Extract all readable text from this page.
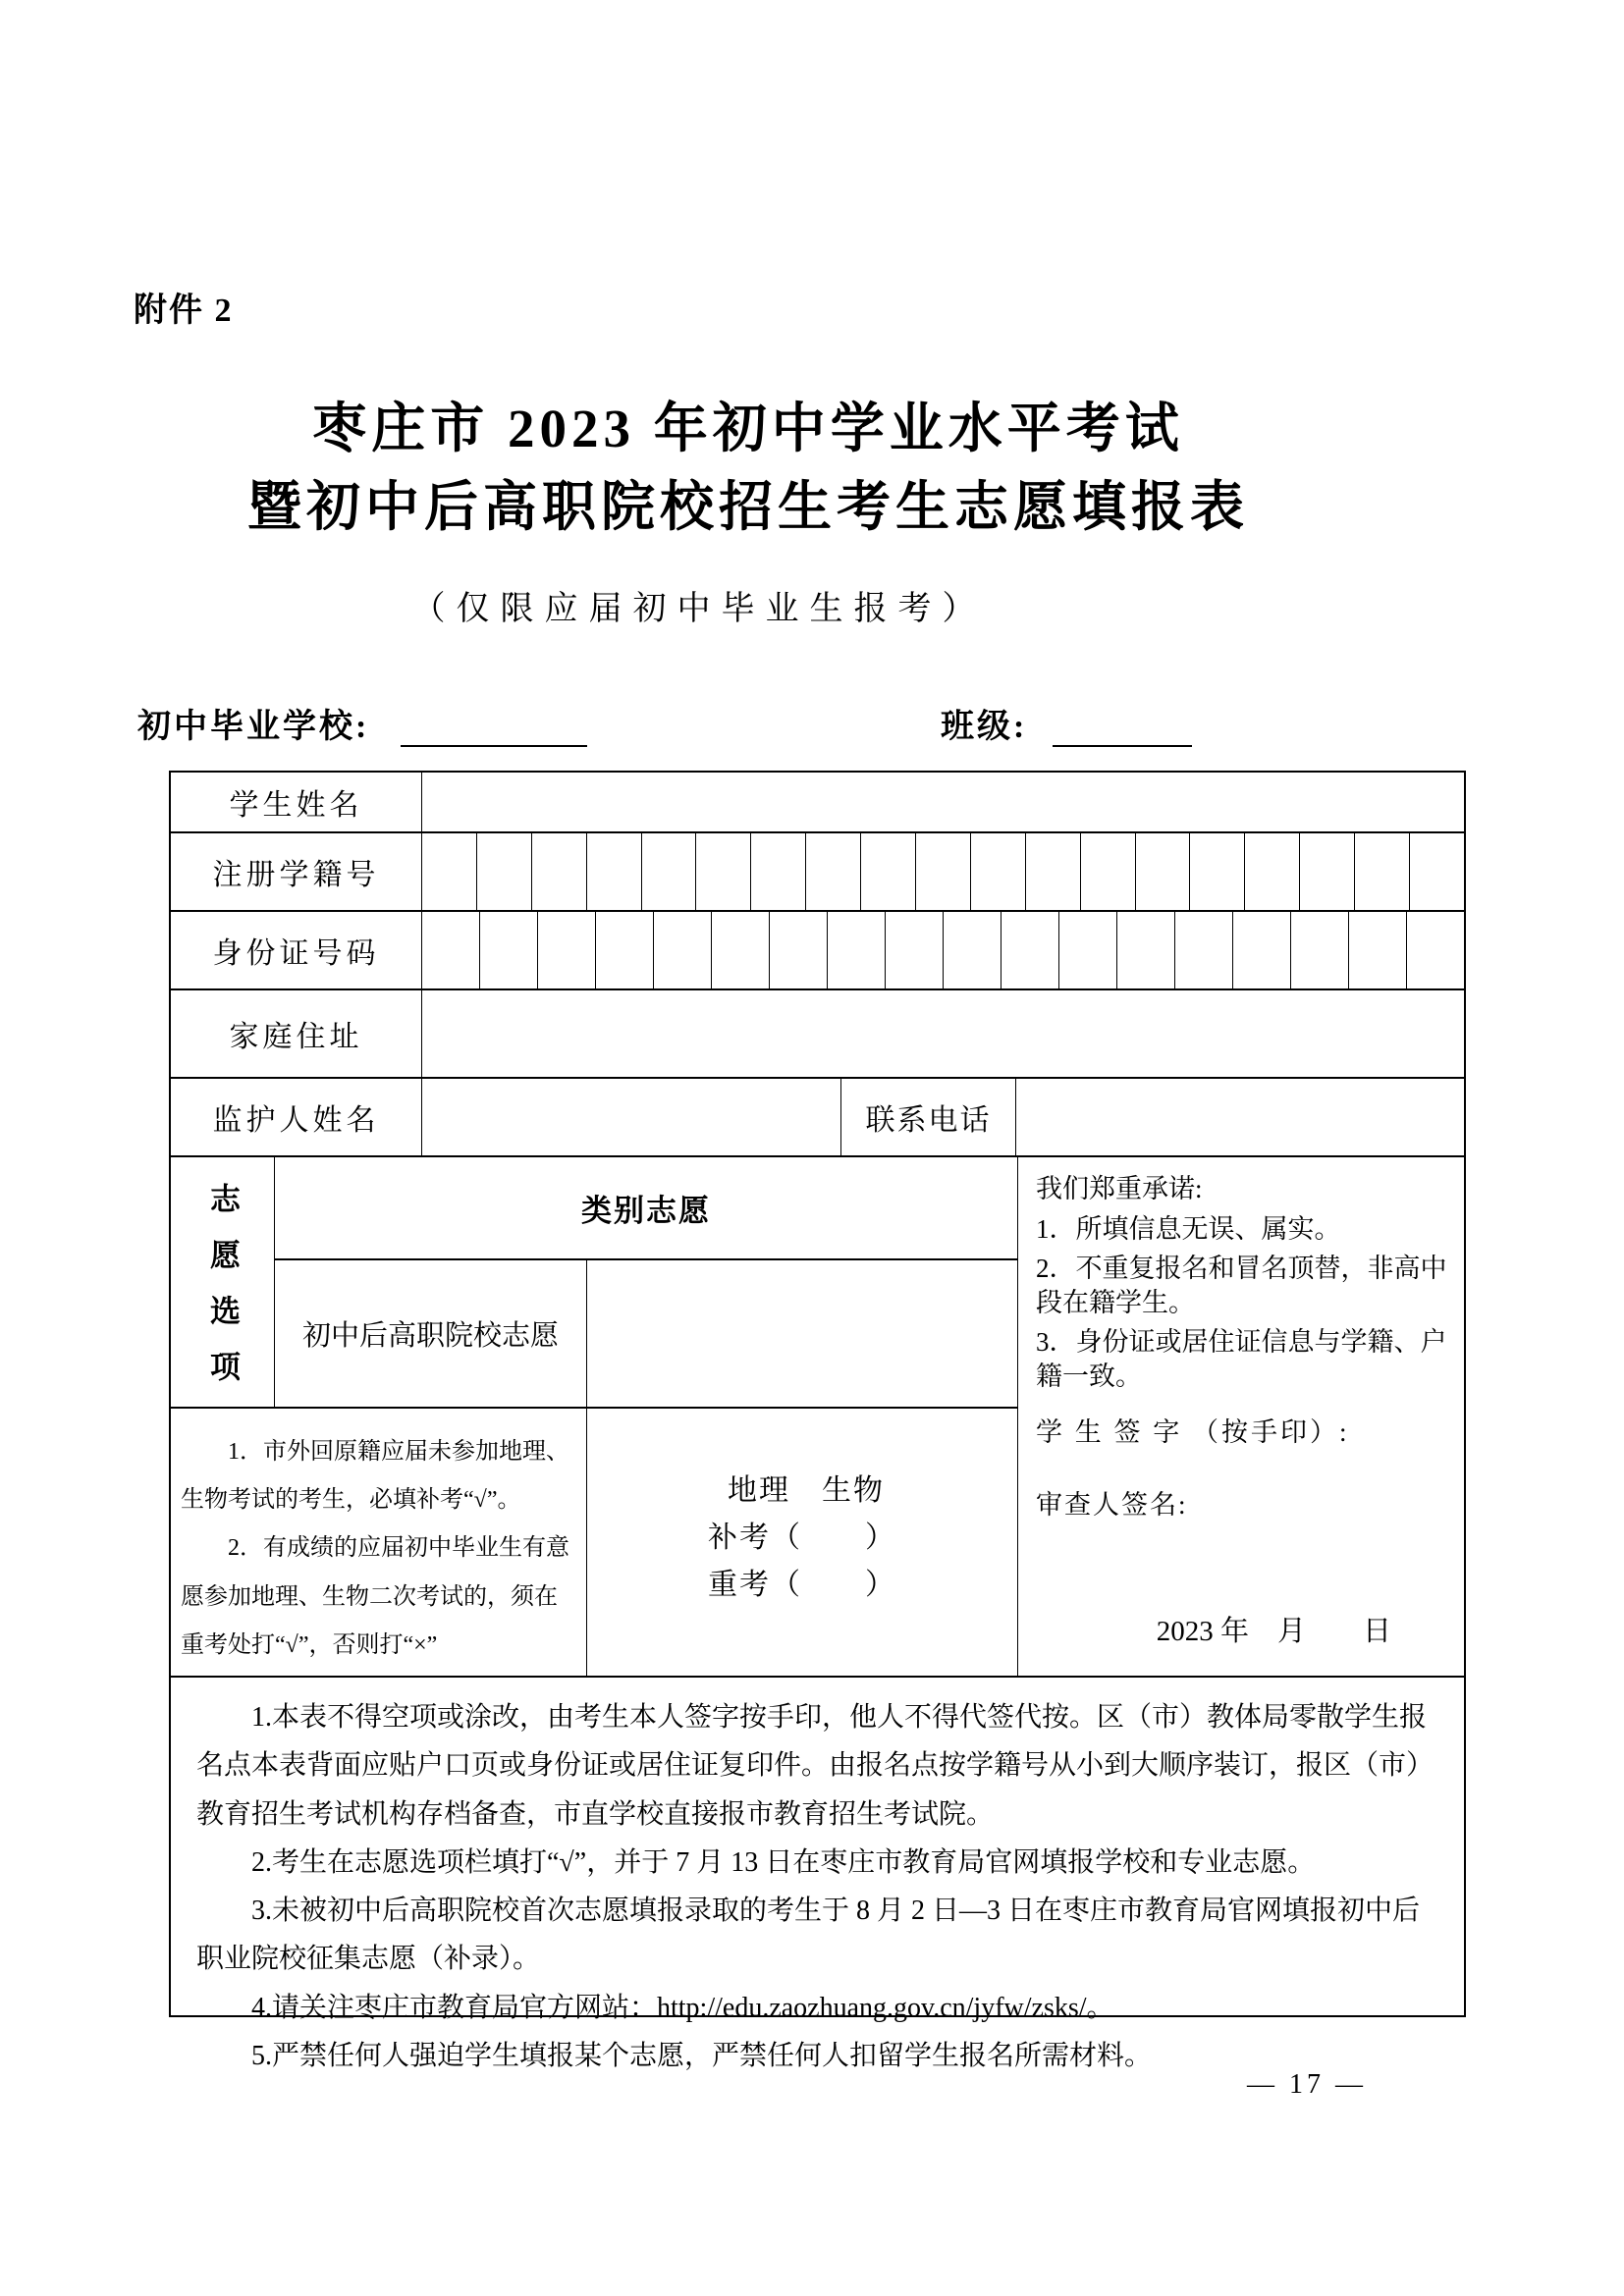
附件 2
枣庄市 2023 年初中学业水平考试
暨初中后高职院校招生考生志愿填报表
（仅限应届初中毕业生报考）
初中毕业学校:	班级:
学生姓名
注册学籍号
身份证号码
家庭住址
监护人姓名	联系电话
志愿选项	类别志愿
初中后高职院校志愿

1．市外回原籍应届未参加地理、生物考试的考生，必填补考“√”。

2．有成绩的应届初中毕业生有意愿参加地理、生物二次考试的，须在重考处打“√”，否则打“×”

地理　生物
补考（　　）
重考（　　）

我们郑重承诺:

1．所填信息无误、属实。

2．不重复报名和冒名顶替，非高中段在籍学生。

3．身份证或居住证信息与学籍、户籍一致。

学 生 签 字 （按手印）:

审查人签名:

2023 年　月　　日

1.本表不得空项或涂改，由考生本人签字按手印，他人不得代签代按。区（市）教体局零散学生报名点本表背面应贴户口页或身份证或居住证复印件。由报名点按学籍号从小到大顺序装订，报区（市）教育招生考试机构存档备查，市直学校直接报市教育招生考试院。

2.考生在志愿选项栏填打“√”，并于 7 月 13 日在枣庄市教育局官网填报学校和专业志愿。

3.未被初中后高职院校首次志愿填报录取的考生于 8 月 2 日—3 日在枣庄市教育局官网填报初中后职业院校征集志愿（补录）。

4.请关注枣庄市教育局官方网站：http://edu.zaozhuang.gov.cn/jyfw/zsks/。

5.严禁任何人强迫学生填报某个志愿，严禁任何人扣留学生报名所需材料。

— 17 —
